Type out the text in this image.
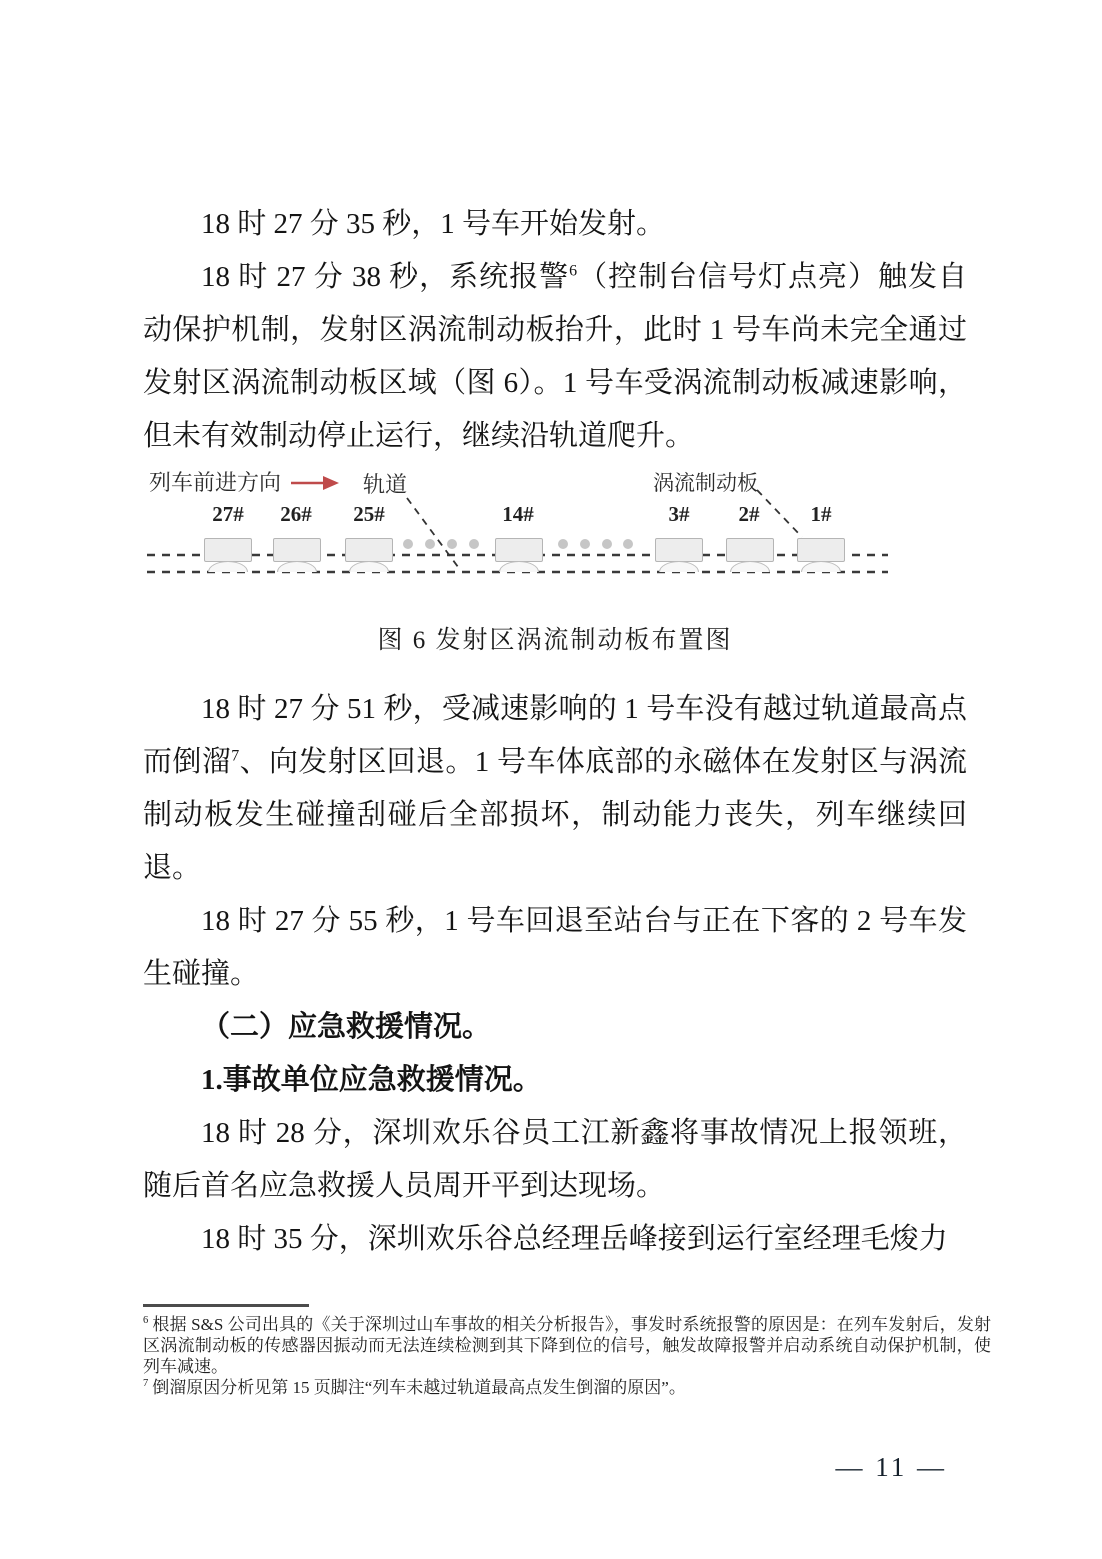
18 时 27 分 35 秒，1 号车开始发射。

18 时 27 分 38 秒，系统报警$^6$（控制台信号灯点亮）触发自动保护机制，发射区涡流制动板抬升，此时 1 号车尚未完全通过发射区涡流制动板区域（图 6）。1 号车受涡流制动板减速影响，但未有效制动停止运行，继续沿轨道爬升。

列车前进方向	轨道	涡流制动板
27# 26# 25#	14#	3# 2# 1#
图 6 发射区涡流制动板布置图

18 时 27 分 51 秒，受减速影响的 1 号车没有越过轨道最高点而倒溜$^7$、向发射区回退。1 号车体底部的永磁体在发射区与涡流制动板发生碰撞刮碰后全部损坏，制动能力丧失，列车继续回退。

18 时 27 分 55 秒，1 号车回退至站台与正在下客的 2 号车发生碰撞。

（二）应急救援情况。

1.事故单位应急救援情况。

18 时 28 分，深圳欢乐谷员工江新鑫将事故情况上报领班，随后首名应急救援人员周开平到达现场。

18 时 35 分，深圳欢乐谷总经理岳峰接到运行室经理毛焌力

$^6$ 根据 S&S 公司出具的《关于深圳过山车事故的相关分析报告》，事发时系统报警的原因是：在列车发射后，发射区涡流制动板的传感器因振动而无法连续检测到其下降到位的信号，触发故障报警并启动系统自动保护机制，使列车减速。
$^7$ 倒溜原因分析见第 15 页脚注“列车未越过轨道最高点发生倒溜的原因”。
— 11 —
